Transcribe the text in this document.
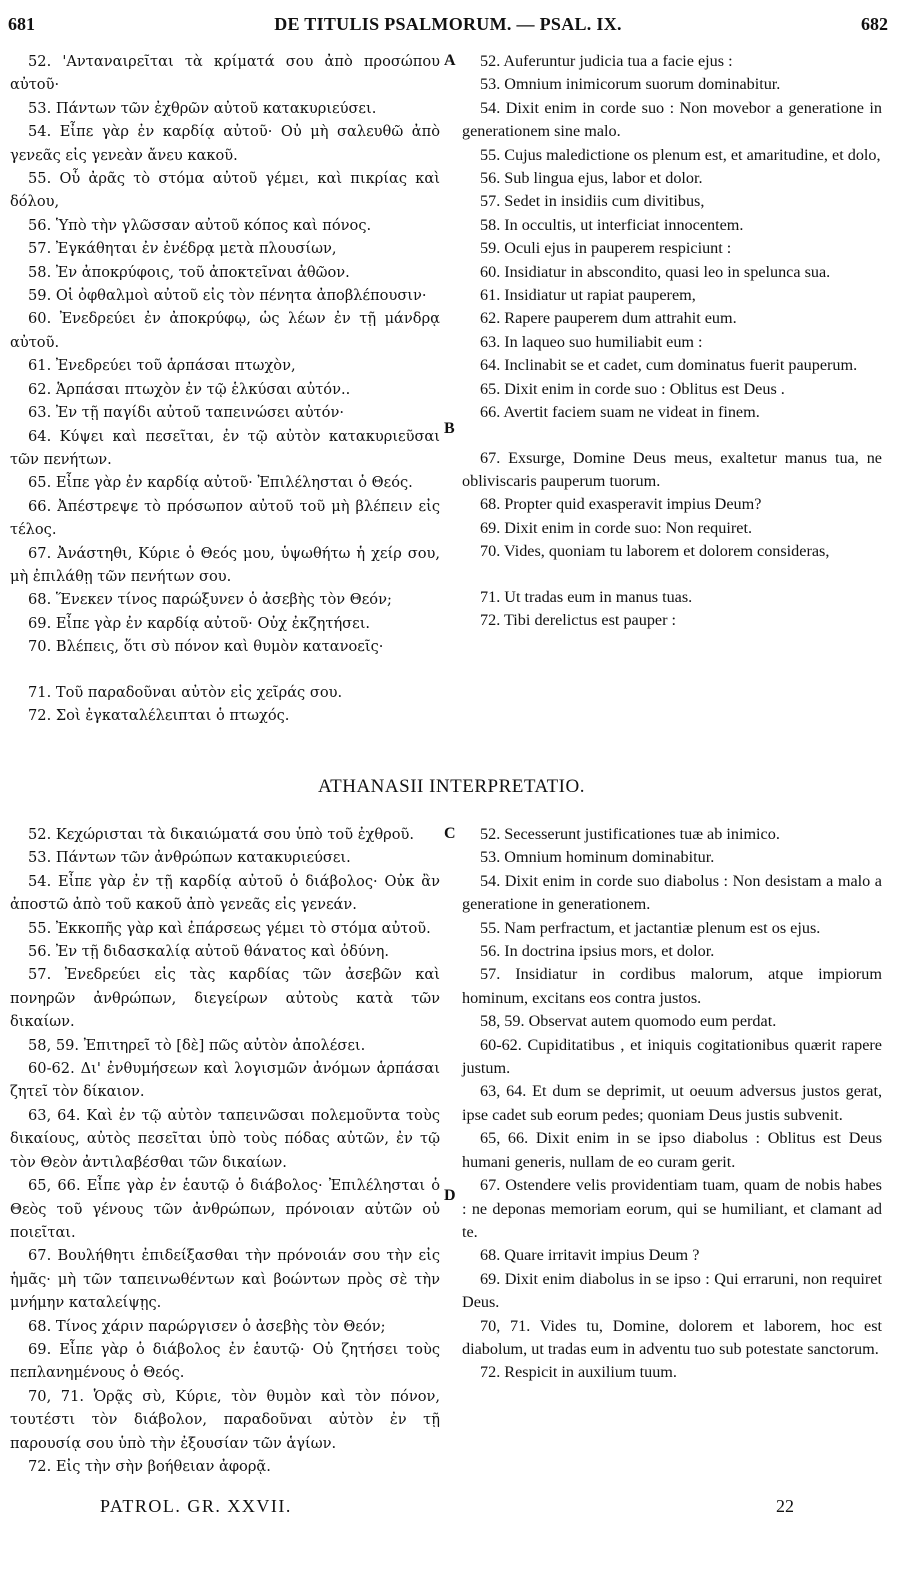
681	DE TITULIS PSALMORUM. — PSAL. IX.	682

52. 'Ανταναιρεῖται τὰ κρίματά σου ἀπὸ προσώπου αὐτοῦ·

53. Πάντων τῶν ἐχθρῶν αὐτοῦ κατακυριεύσει.

54. Εἶπε γὰρ ἐν καρδίᾳ αὐτοῦ· Οὐ μὴ σαλευθῶ ἀπὸ γενεᾶς εἰς γενεὰν ἄνευ κακοῦ.

55. Οὗ ἀρᾶς τὸ στόμα αὐτοῦ γέμει, καὶ πικρίας καὶ δόλου,

56. Ὑπὸ τὴν γλῶσσαν αὐτοῦ κόπος καὶ πόνος.

57. Ἐγκάθηται ἐν ἐνέδρᾳ μετὰ πλουσίων,

58. Ἐν ἀποκρύφοις, τοῦ ἀποκτεῖναι ἀθῶον.

59. Οἱ ὀφθαλμοὶ αὐτοῦ εἰς τὸν πένητα ἀποβλέπουσιν·

60. Ἐνεδρεύει ἐν ἀποκρύφῳ, ὡς λέων ἐν τῇ μάνδρᾳ αὐτοῦ.

61. Ἐνεδρεύει τοῦ ἁρπάσαι πτωχὸν,

62. Ἁρπάσαι πτωχὸν ἐν τῷ ἑλκύσαι αὐτόν..

63. Ἐν τῇ παγίδι αὐτοῦ ταπεινώσει αὐτόν·

64. Κύψει καὶ πεσεῖται, ἐν τῷ αὐτὸν κατακυριεῦσαι τῶν πενήτων.

65. Εἶπε γὰρ ἐν καρδίᾳ αὐτοῦ· Ἐπιλέλησται ὁ Θεός.

66. Ἀπέστρεψε τὸ πρόσωπον αὐτοῦ τοῦ μὴ βλέπειν εἰς τέλος.

67. Ἀνάστηθι, Κύριε ὁ Θεός μου, ὑψωθήτω ἡ χείρ σου, μὴ ἐπιλάθῃ τῶν πενήτων σου.

68. Ἕνεκεν τίνος παρώξυνεν ὁ ἀσεβὴς τὸν Θεόν;

69. Εἶπε γὰρ ἐν καρδίᾳ αὐτοῦ· Οὐχ ἐκζητήσει.

70. Βλέπεις, ὅτι σὺ πόνον καὶ θυμὸν κατανοεῖς·

71. Τοῦ παραδοῦναι αὐτὸν εἰς χεῖράς σου.

72. Σοὶ ἐγκαταλέλειπται ὁ πτωχός.

52. Auferuntur judicia tua a facie ejus :

53. Omnium inimicorum suorum dominabitur.

54. Dixit enim in corde suo : Non movebor a generatione in generationem sine malo.

55. Cujus maledictione os plenum est, et amaritudine, et dolo,

56. Sub lingua ejus, labor et dolor.

57. Sedet in insidiis cum divitibus,

58. In occultis, ut interficiat innocentem.

59. Oculi ejus in pauperem respiciunt :

60. Insidiatur in abscondito, quasi leo in spelunca sua.

61. Insidiatur ut rapiat pauperem,

62. Rapere pauperem dum attrahit eum.

63. In laqueo suo humiliabit eum :

64. Inclinabit se et cadet, cum dominatus fuerit pauperum.

65. Dixit enim in corde suo : Oblitus est Deus .

66. Avertit faciem suam ne videat in finem.

67. Exsurge, Domine Deus meus, exaltetur manus tua, ne obliviscaris pauperum tuorum.

68. Propter quid exasperavit impius Deum?

69. Dixit enim in corde suo: Non requiret.

70. Vides, quoniam tu laborem et dolorem consideras,

71. Ut tradas eum in manus tuas.

72. Tibi derelictus est pauper :

A
B
ATHANASII INTERPRETATIO.

52. Κεχώρισται τὰ δικαιώματά σου ὑπὸ τοῦ ἐχθροῦ.

53. Πάντων τῶν ἀνθρώπων κατακυριεύσει.

54. Εἶπε γὰρ ἐν τῇ καρδίᾳ αὐτοῦ ὁ διάβολος· Οὐκ ἂν ἀποστῶ ἀπὸ τοῦ κακοῦ ἀπὸ γενεᾶς εἰς γενεάν.

55. Ἐκκοπῆς γὰρ καὶ ἐπάρσεως γέμει τὸ στόμα αὐτοῦ.

56. Ἐν τῇ διδασκαλίᾳ αὐτοῦ θάνατος καὶ ὀδύνη.

57. Ἐνεδρεύει εἰς τὰς καρδίας τῶν ἀσεβῶν καὶ πονηρῶν ἀνθρώπων, διεγείρων αὐτοὺς κατὰ τῶν δικαίων.

58, 59. Ἐπιτηρεῖ τὸ [δὲ] πῶς αὐτὸν ἀπολέσει.

60-62. Δι' ἐνθυμήσεων καὶ λογισμῶν ἀνόμων ἁρπάσαι ζητεῖ τὸν δίκαιον.

63, 64. Καὶ ἐν τῷ αὐτὸν ταπεινῶσαι πολεμοῦντα τοὺς δικαίους, αὐτὸς πεσεῖται ὑπὸ τοὺς πόδας αὐτῶν, ἐν τῷ τὸν Θεὸν ἀντιλαβέσθαι τῶν δικαίων.

65, 66. Εἶπε γὰρ ἐν ἑαυτῷ ὁ διάβολος· Ἐπιλέλησται ὁ Θεὸς τοῦ γένους τῶν ἀνθρώπων, πρόνοιαν αὐτῶν οὐ ποιεῖται.

67. Βουλήθητι ἐπιδείξασθαι τὴν πρόνοιάν σου τὴν εἰς ἡμᾶς· μὴ τῶν ταπεινωθέντων καὶ βοώντων πρὸς σὲ τὴν μνήμην καταλείψῃς.

68. Τίνος χάριν παρώργισεν ὁ ἀσεβὴς τὸν Θεόν;

69. Εἶπε γὰρ ὁ διάβολος ἐν ἑαυτῷ· Οὐ ζητήσει τοὺς πεπλανημένους ὁ Θεός.

70, 71. Ὁρᾷς σὺ, Κύριε, τὸν θυμὸν καὶ τὸν πόνον, τουτέστι τὸν διάβολον, παραδοῦναι αὐτὸν ἐν τῇ παρουσίᾳ σου ὑπὸ τὴν ἐξουσίαν τῶν ἁγίων.

72. Εἰς τὴν σὴν βοήθειαν ἀφορᾷ.

52. Secesserunt justificationes tuæ ab inimico.

53. Omnium hominum dominabitur.

54. Dixit enim in corde suo diabolus : Non desistam a malo a generatione in generationem.

55. Nam perfractum, et jactantiæ plenum est os ejus.

56. In doctrina ipsius mors, et dolor.

57. Insidiatur in cordibus malorum, atque impiorum hominum, excitans eos contra justos.

58, 59. Observat autem quomodo eum perdat.

60-62. Cupiditatibus , et iniquis cogitationibus quærit rapere justum.

63, 64. Et dum se deprimit, ut oeuum adversus justos gerat, ipse cadet sub eorum pedes; quoniam Deus justis subvenit.

65, 66. Dixit enim in se ipso diabolus : Oblitus est Deus humani generis, nullam de eo curam gerit.

67. Ostendere velis providentiam tuam, quam de nobis habes : ne deponas memoriam eorum, qui se humiliant, et clamant ad te.

68. Quare irritavit impius Deum ?

69. Dixit enim diabolus in se ipso : Qui erraruni, non requiret Deus.

70, 71. Vides tu, Domine, dolorem et laborem, hoc est diabolum, ut tradas eum in adventu tuo sub potestate sanctorum.

72. Respicit in auxilium tuum.

C
D
PATROL. GR. XXVII.	22
